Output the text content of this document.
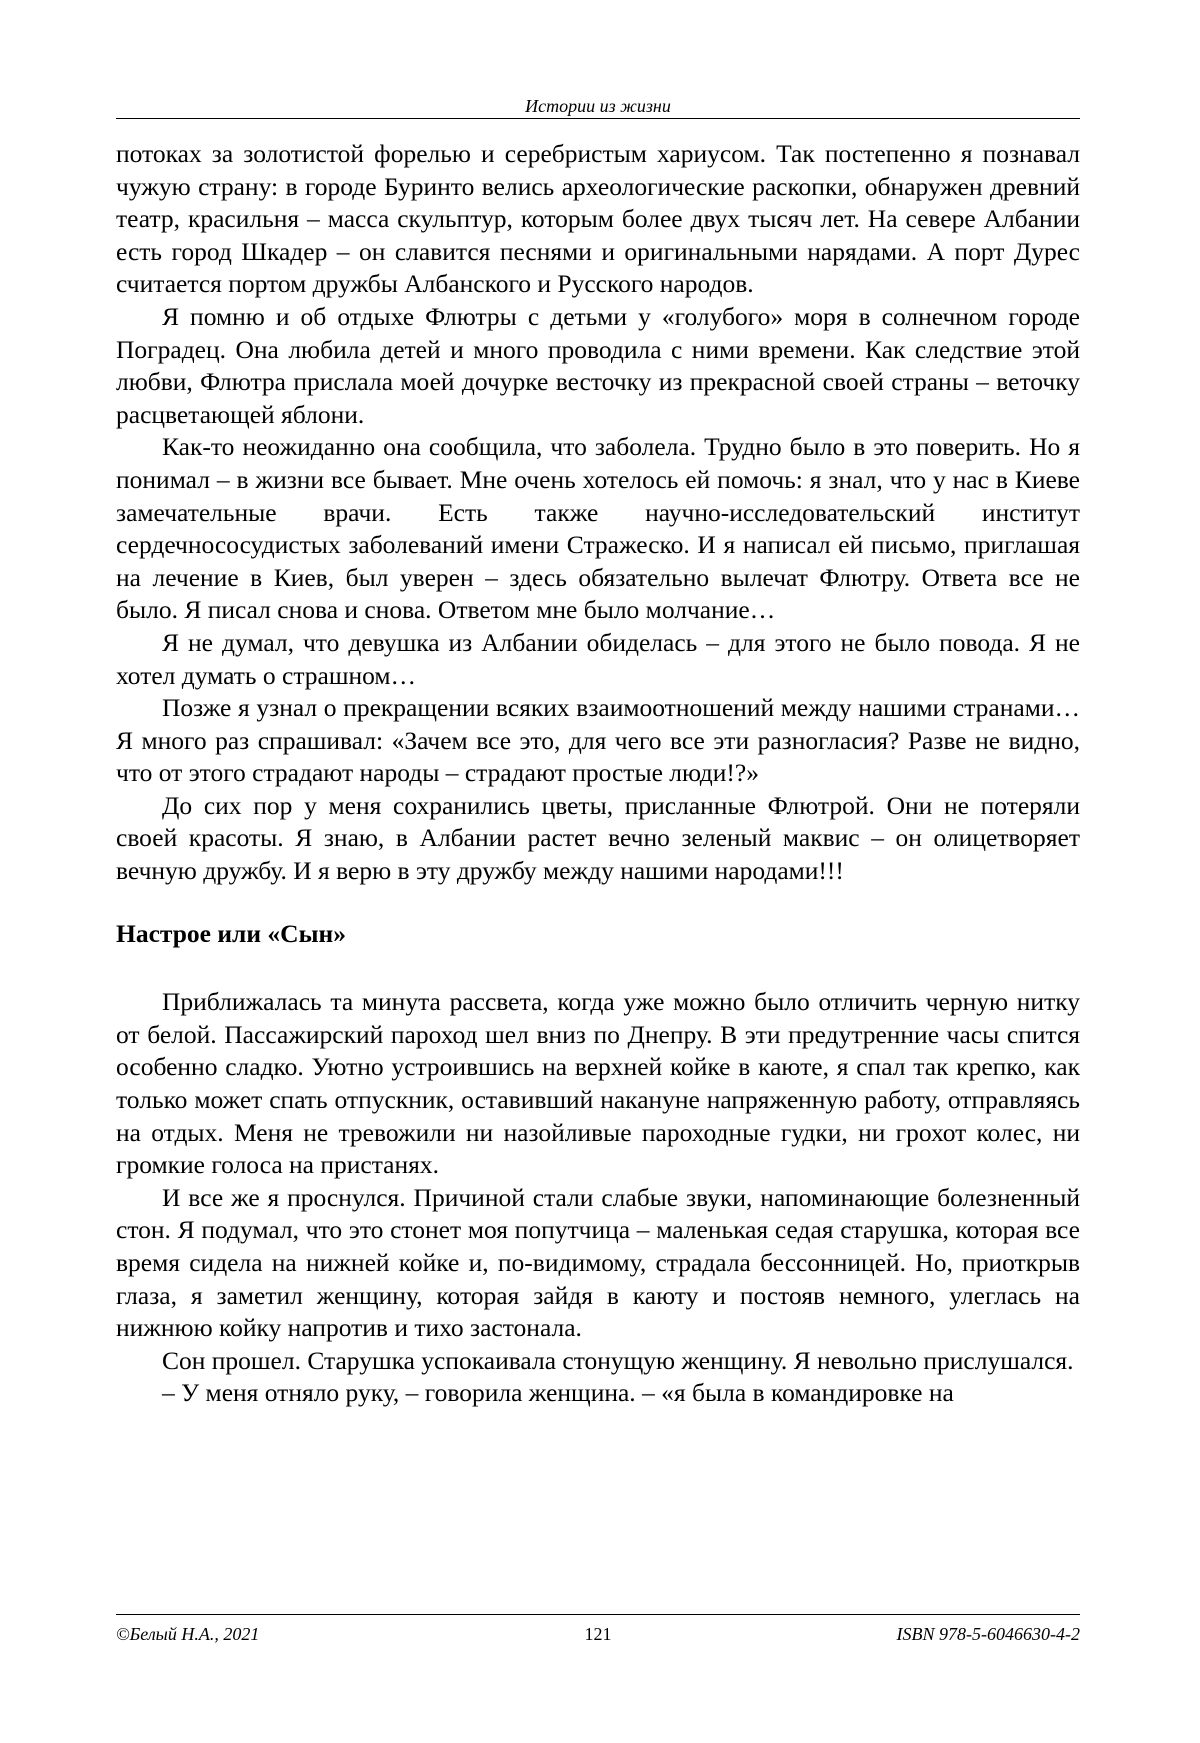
Истории из жизни

потоках за золотистой форелью и серебристым хариусом. Так постепенно я познавал чужую страну: в городе Буринто велись археологические раскопки, обнаружен древний театр, красильня – масса скульптур, которым более двух тысяч лет. На севере Албании есть город Шкадер – он славится песнями и оригинальными нарядами. А порт Дурес считается портом дружбы Албанского и Русского народов.

Я помню и об отдыхе Флютры с детьми у «голубого» моря в солнечном городе Поградец. Она любила детей и много проводила с ними времени. Как следствие этой любви, Флютра прислала моей дочурке весточку из прекрасной своей страны – веточку расцветающей яблони.

Как-то неожиданно она сообщила, что заболела. Трудно было в это поверить. Но я понимал – в жизни все бывает. Мне очень хотелось ей помочь: я знал, что у нас в Киеве замечательные врачи. Есть также научно-исследовательский институт сердечнососудистых заболеваний имени Стражеско. И я написал ей письмо, приглашая на лечение в Киев, был уверен – здесь обязательно вылечат Флютру. Ответа все не было. Я писал снова и снова. Ответом мне было молчание…

Я не думал, что девушка из Албании обиделась – для этого не было повода. Я не хотел думать о страшном…

Позже я узнал о прекращении всяких взаимоотношений между нашими странами… Я много раз спрашивал: «Зачем все это, для чего все эти разногласия? Разве не видно, что от этого страдают народы – страдают простые люди!?»

До сих пор у меня сохранились цветы, присланные Флютрой. Они не потеряли своей красоты. Я знаю, в Албании растет вечно зеленый маквис – он олицетворяет вечную дружбу. И я верю в эту дружбу между нашими народами!!!

Настрое или «Сын»

Приближалась та минута рассвета, когда уже можно было отличить черную нитку от белой. Пассажирский пароход шел вниз по Днепру. В эти предутренние часы спится особенно сладко. Уютно устроившись на верхней койке в каюте, я спал так крепко, как только может спать отпускник, оставивший накануне напряженную работу, отправляясь на отдых. Меня не тревожили ни назойливые пароходные гудки, ни грохот колес, ни громкие голоса на пристанях.

И все же я проснулся. Причиной стали слабые звуки, напоминающие болезненный стон. Я подумал, что это стонет моя попутчица – маленькая седая старушка, которая все время сидела на нижней койке и, по-видимому, страдала бессонницей. Но, приоткрыв глаза, я заметил женщину, которая зайдя в каюту и постояв немного, улеглась на нижнюю койку напротив и тихо застонала.

Сон прошел. Старушка успокаивала стонущую женщину. Я невольно прислушался.

– У меня отняло руку, – говорила женщина. – «я была в командировке на

©Белый Н.А., 2021	121	ISBN 978-5-6046630-4-2
